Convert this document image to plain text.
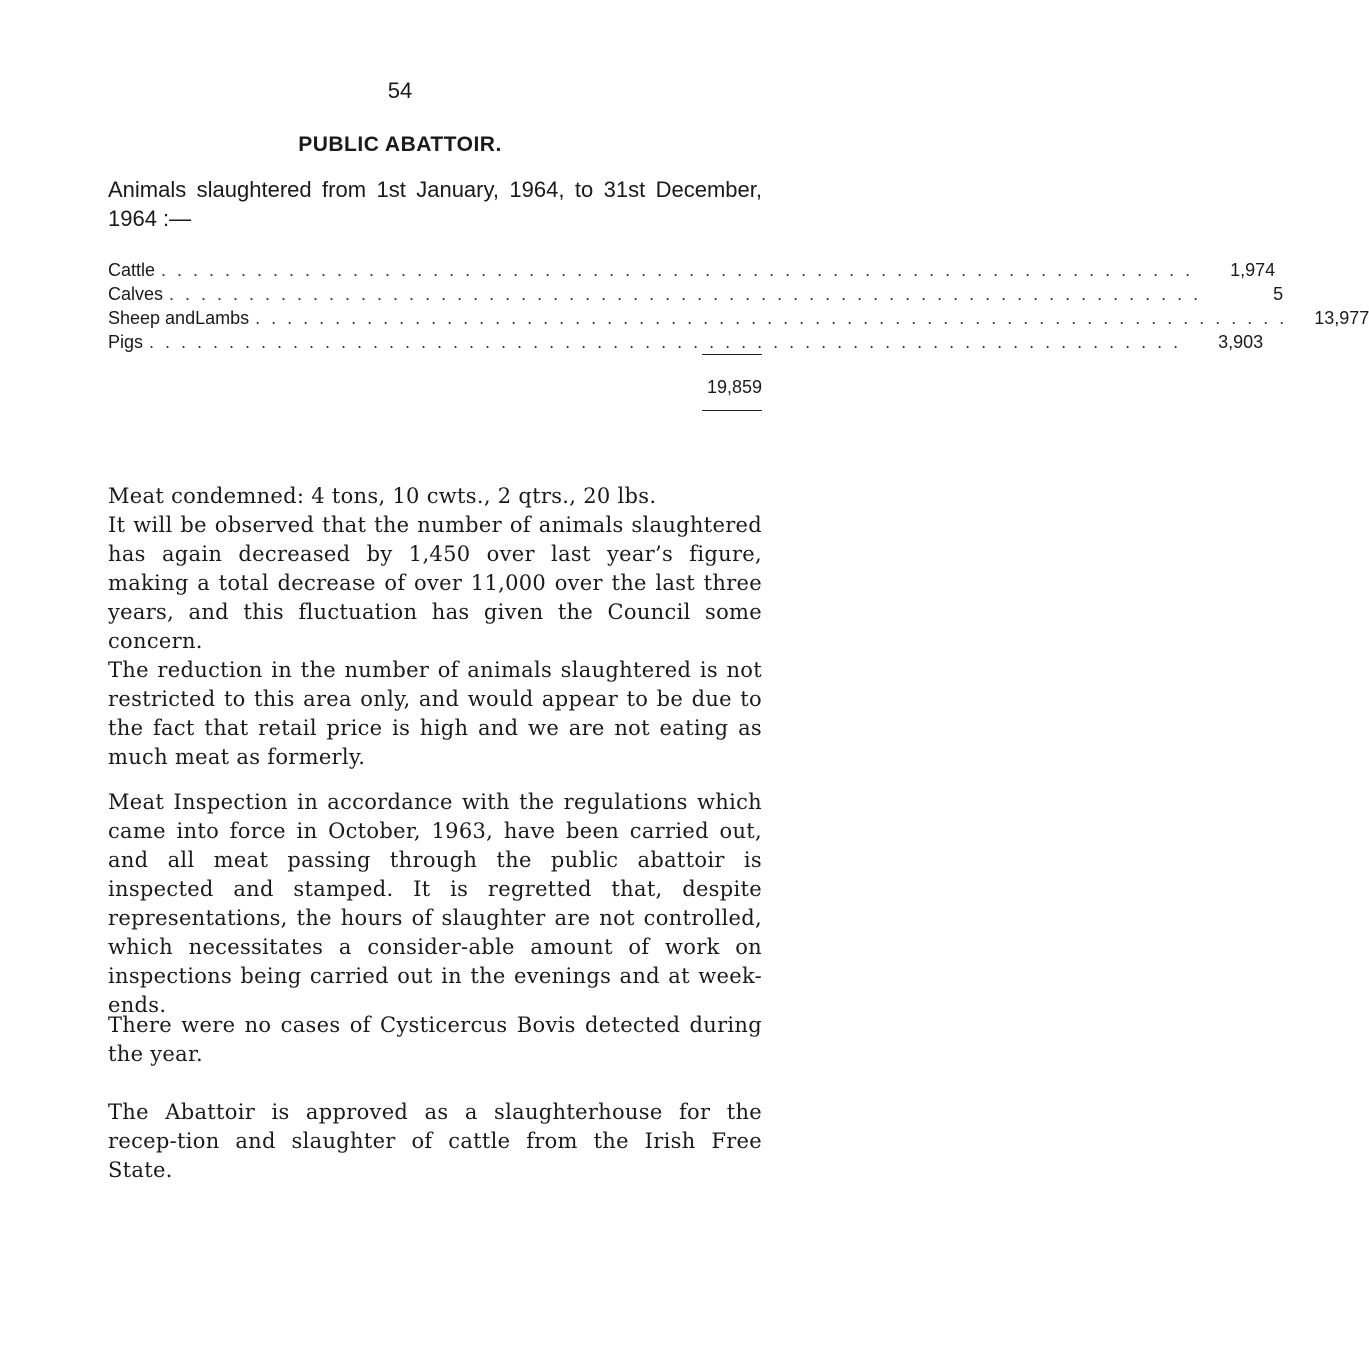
54
PUBLIC ABATTOIR.
Animals slaughtered from 1st January, 1964, to 31st December, 1964 :—
Cattle . . . . . . . . . . . . . . . . . . . . . . . . . . . . . . . . . . . . . . . . . . . . . . . . . . . . . . . . . . . . . . . . .	1,974
Calves . . . . . . . . . . . . . . . . . . . . . . . . . . . . . . . . . . . . . . . . . . . . . . . . . . . . . . . . . . . . . . . . .	5
Sheep andLambs . . . . . . . . . . . . . . . . . . . . . . . . . . . . . . . . . . . . . . . . . . . . . . . . . . . . . . . . . . . . . . . . .	13,977
Pigs . . . . . . . . . . . . . . . . . . . . . . . . . . . . . . . . . . . . . . . . . . . . . . . . . . . . . . . . . . . . . . . . .	3,903
19,859

Meat condemned: 4 tons, 10 cwts., 2 qtrs., 20 lbs.

It will be observed that the number of animals slaughtered has again decreased by 1,450 over last year’s figure, making a total decrease of over 11,000 over the last three years, and this fluctuation has given the Council some concern.

The reduction in the number of animals slaughtered is not restricted to this area only, and would appear to be due to the fact that retail price is high and we are not eating as much meat as formerly.

Meat Inspection in accordance with the regulations which came into force in October, 1963, have been carried out, and all meat passing through the public abattoir is inspected and stamped. It is regretted that, despite representations, the hours of slaughter are not controlled, which necessitates a consider-able amount of work on inspections being carried out in the evenings and at week-ends.

There were no cases of Cysticercus Bovis detected during the year.

The Abattoir is approved as a slaughterhouse for the recep-tion and slaughter of cattle from the Irish Free State.
